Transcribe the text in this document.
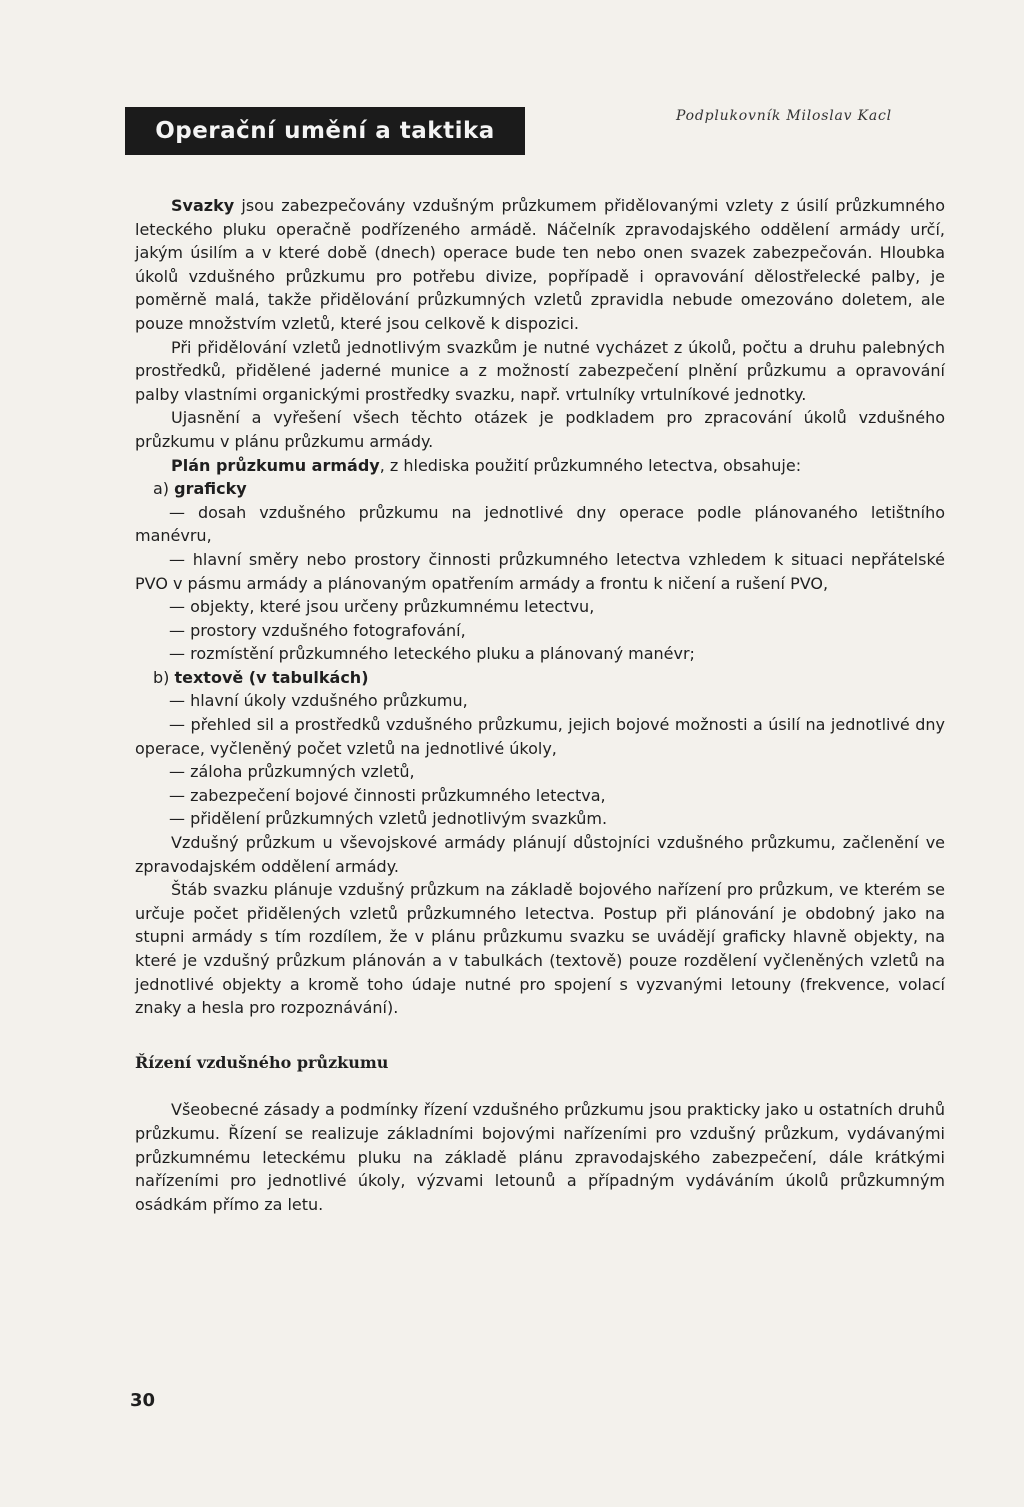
Operační umění a taktika
Podplukovník Miloslav Kacl

Svazky jsou zabezpečovány vzdušným průzkumem přidělovanými vzlety z úsilí průzkumného leteckého pluku operačně podřízeného armádě. Náčelník zpravodajského oddělení armády určí, jakým úsilím a v které době (dnech) operace bude ten nebo onen svazek zabezpečován. Hloubka úkolů vzdušného průzkumu pro potřebu divize, popřípadě i opravování dělostřelecké palby, je poměrně malá, takže přidělování průzkumných vzletů zpravidla nebude omezováno doletem, ale pouze množstvím vzletů, které jsou celkově k dispozici.

Při přidělování vzletů jednotlivým svazkům je nutné vycházet z úkolů, počtu a druhu palebných prostředků, přidělené jaderné munice a z možností zabezpečení plnění průzkumu a opravování palby vlastními organickými prostředky svazku, např. vrtulníky vrtulníkové jednotky.

Ujasnění a vyřešení všech těchto otázek je podkladem pro zpracování úkolů vzdušného průzkumu v plánu průzkumu armády.

Plán průzkumu armády, z hlediska použití průzkumného letectva, obsahuje:

a) graficky

— dosah vzdušného průzkumu na jednotlivé dny operace podle plánovaného letištního manévru,

— hlavní směry nebo prostory činnosti průzkumného letectva vzhledem k situaci nepřátelské PVO v pásmu armády a plánovaným opatřením armády a frontu k ničení a rušení PVO,

— objekty, které jsou určeny průzkumnému letectvu,

— prostory vzdušného fotografování,

— rozmístění průzkumného leteckého pluku a plánovaný manévr;

b) textově (v tabulkách)

— hlavní úkoly vzdušného průzkumu,

— přehled sil a prostředků vzdušného průzkumu, jejich bojové možnosti a úsilí na jednotlivé dny operace, vyčleněný počet vzletů na jednotlivé úkoly,

— záloha průzkumných vzletů,

— zabezpečení bojové činnosti průzkumného letectva,

— přidělení průzkumných vzletů jednotlivým svazkům.

Vzdušný průzkum u vševojskové armády plánují důstojníci vzdušného průzkumu, začlenění ve zpravodajském oddělení armády.

Štáb svazku plánuje vzdušný průzkum na základě bojového nařízení pro průzkum, ve kterém se určuje počet přidělených vzletů průzkumného letectva. Postup při plánování je obdobný jako na stupni armády s tím rozdílem, že v plánu průzkumu svazku se uvádějí graficky hlavně objekty, na které je vzdušný průzkum plánován a v tabulkách (textově) pouze rozdělení vyčleněných vzletů na jednotlivé objekty a kromě toho údaje nutné pro spojení s vyzvanými letouny (frekvence, volací znaky a hesla pro rozpoznávání).

Řízení vzdušného průzkumu

Všeobecné zásady a podmínky řízení vzdušného průzkumu jsou prakticky jako u ostatních druhů průzkumu. Řízení se realizuje základními bojovými nařízeními pro vzdušný průzkum, vydávanými průzkumnému leteckému pluku na základě plánu zpravodajského zabezpečení, dále krátkými nařízeními pro jednotlivé úkoly, výzvami letounů a případným vydáváním úkolů průzkumným osádkám přímo za letu.

30
